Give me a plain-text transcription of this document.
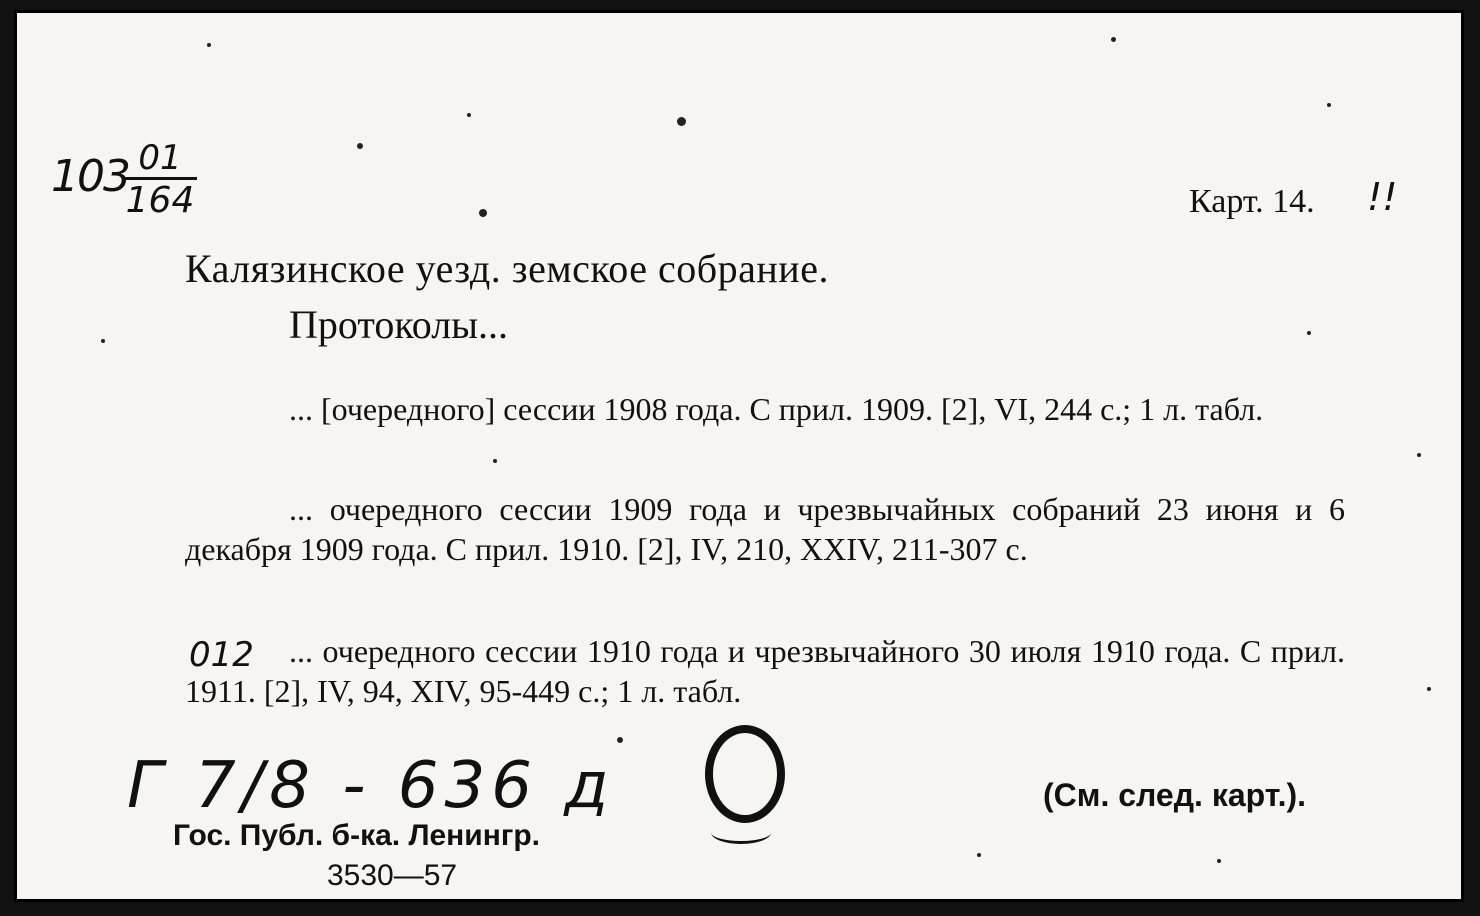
103
$\frac{01}{164}$	Карт. 14. !!
Калязинское уезд. земское собрание.
Протоколы...
... [очередного] сессии 1908 года. С прил. 1909. [2], VI, 244 с.; 1 л. табл.
... очередного сессии 1909 года и чрезвычайных собраний 23 июня и 6 декабря 1909 года. С прил. 1910. [2], IV, 210, XXIV, 211-307 с.
012	... очередного сессии 1910 года и чрезвычайного 30 июля 1910 года. С прил. 1911. [2], IV, 94, XIV, 95-449 с.; 1 л. табл.
Г 7/8 - 636 д	(См. след. карт.).
Гос. Публ. б-ка. Ленингр.
3530—57
